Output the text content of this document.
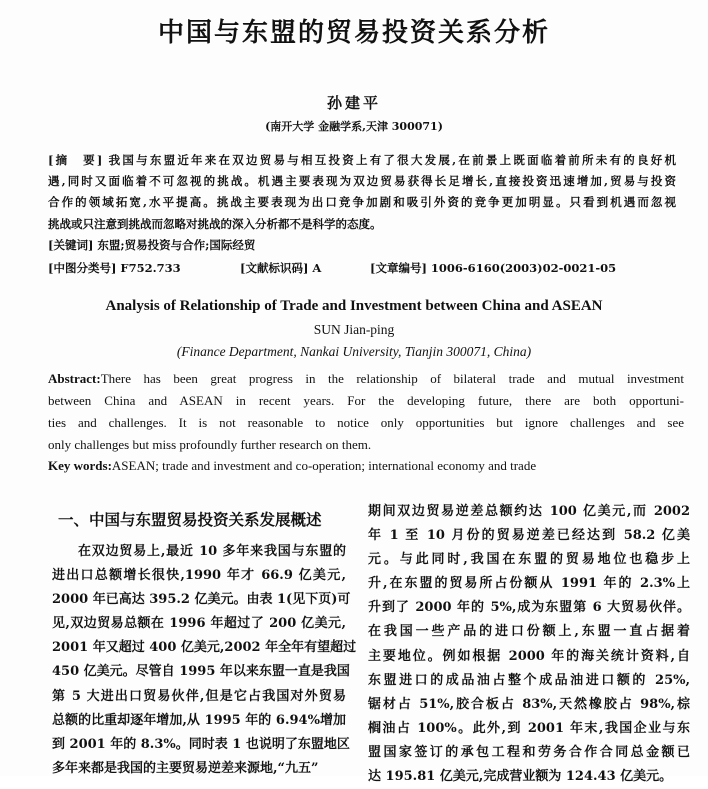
中国与东盟的贸易投资关系分析
孙建平
(南开大学 金融学系,天津 300071)
[摘　要] 我国与东盟近年来在双边贸易与相互投资上有了很大发展,在前景上既面临着前所未有的良好机
遇,同时又面临着不可忽视的挑战。机遇主要表现为双边贸易获得长足增长,直接投资迅速增加,贸易与投资
合作的领域拓宽,水平提高。挑战主要表现为出口竞争加剧和吸引外资的竞争更加明显。只看到机遇而忽视
挑战或只注意到挑战而忽略对挑战的深入分析都不是科学的态度。
[关键词] 东盟;贸易投资与合作;国际经贸
[中图分类号] F752.733	[文献标识码] A	[文章编号] 1006-6160(2003)02-0021-05
Analysis of Relationship of Trade and Investment between China and ASEAN
SUN Jian-ping
(Finance Department, Nankai University, Tianjin 300071, China)
Abstract:There has been great progress in the relationship of bilateral trade and mutual investment
between China and ASEAN in recent years. For the developing future, there are both opportuni-
ties and challenges. It is not reasonable to notice only opportunities but ignore challenges and see
only challenges but miss profoundly further research on them.
Key words:ASEAN; trade and investment and co-operation; international economy and trade
一、中国与东盟贸易投资关系发展概述
在双边贸易上,最近 10 多年来我国与东盟的
进出口总额增长很快,1990 年才 66.9 亿美元,
2000 年已高达 395.2 亿美元。由表 1(见下页)可
见,双边贸易总额在 1996 年超过了 200 亿美元,
2001 年又超过 400 亿美元,2002 年全年有望超过
450 亿美元。尽管自 1995 年以来东盟一直是我国
第 5 大进出口贸易伙伴,但是它占我国对外贸易
总额的比重却逐年增加,从 1995 年的 6.94%增加
到 2001 年的 8.3%。同时表 1 也说明了东盟地区
多年来都是我国的主要贸易逆差来源地,“九五”
期间双边贸易逆差总额约达 100 亿美元,而 2002
年 1 至 10 月份的贸易逆差已经达到 58.2 亿美
元。与此同时,我国在东盟的贸易地位也稳步上
升,在东盟的贸易所占份额从 1991 年的 2.3%上
升到了 2000 年的 5%,成为东盟第 6 大贸易伙伴。
在我国一些产品的进口份额上,东盟一直占据着
主要地位。例如根据 2000 年的海关统计资料,自
东盟进口的成品油占整个成品油进口额的 25%,
锯材占 51%,胶合板占 83%,天然橡胶占 98%,棕
榈油占 100%。此外,到 2001 年末,我国企业与东
盟国家签订的承包工程和劳务合作合同总金额已
达 195.81 亿美元,完成营业额为 124.43 亿美元。
